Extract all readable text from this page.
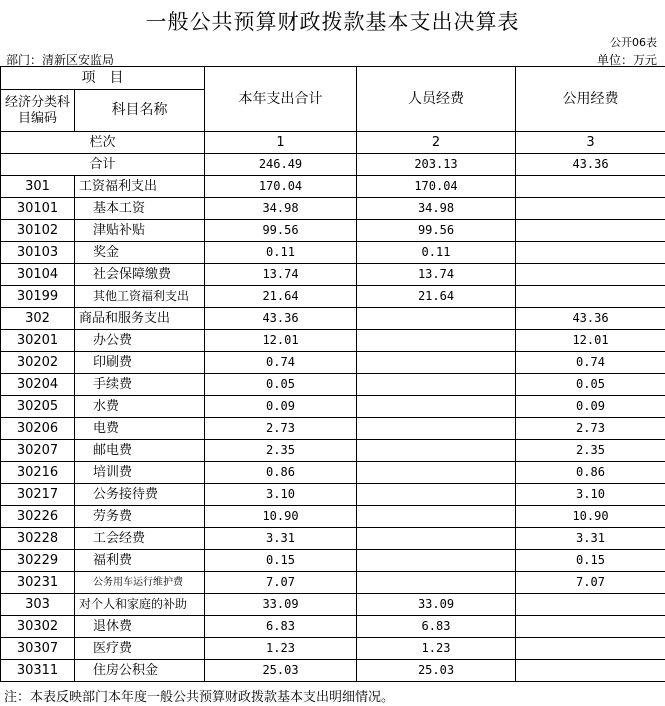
一般公共预算财政拨款基本支出决算表
公开06表
部门：清新区安监局	单位：万元
项　目		本年支出合计	人员经费	公用经费
经济分类科目编码	科目名称			
栏次		1	2	3
合计		246.49	203.13	43.36
301	工资福利支出	170.04	170.04	
30101	基本工资	34.98	34.98	
30102	津贴补贴	99.56	99.56	
30103	奖金	0.11	0.11	
30104	社会保障缴费	13.74	13.74	
30199	其他工资福利支出	21.64	21.64	
302	商品和服务支出	43.36		43.36
30201	办公费	12.01		12.01
30202	印刷费	0.74		0.74
30204	手续费	0.05		0.05
30205	水费	0.09		0.09
30206	电费	2.73		2.73
30207	邮电费	2.35		2.35
30216	培训费	0.86		0.86
30217	公务接待费	3.10		3.10
30226	劳务费	10.90		10.90
30228	工会经费	3.31		3.31
30229	福利费	0.15		0.15
30231	公务用车运行维护费	7.07		7.07
303	对个人和家庭的补助	33.09	33.09	
30302	退休费	6.83	6.83	
30307	医疗费	1.23	1.23	
30311	住房公积金	25.03	25.03	
注：本表反映部门本年度一般公共预算财政拨款基本支出明细情况。
